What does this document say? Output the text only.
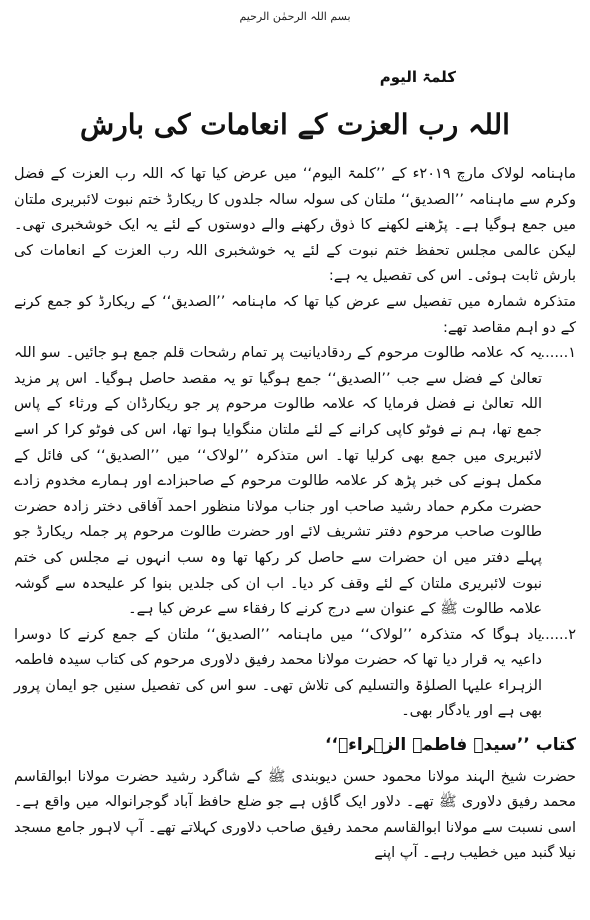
بسم اللہ الرحمٰن الرحیم
کلمۃ الیوم
اللہ رب العزت کے انعامات کی بارش

ماہنامہ لولاک مارچ ۲۰۱۹ء کے ’’کلمۃ الیوم‘‘ میں عرض کیا تھا کہ اللہ رب العزت کے فضل وکرم سے ماہنامہ ’’الصدیق‘‘ ملتان کی سولہ سالہ جلدوں کا ریکارڈ ختم نبوت لائبریری ملتان میں جمع ہوگیا ہے۔ پڑھنے لکھنے کا ذوق رکھنے والے دوستوں کے لئے یہ ایک خوشخبری تھی۔ لیکن عالمی مجلس تحفظ ختم نبوت کے لئے یہ خوشخبری اللہ رب العزت کے انعامات کی بارش ثابت ہوئی۔ اس کی تفصیل یہ ہے:

متذکرہ شمارہ میں تفصیل سے عرض کیا تھا کہ ماہنامہ ’’الصدیق‘‘ کے ریکارڈ کو جمع کرنے کے دو اہم مقاصد تھے:

۱......
یہ کہ علامہ طالوت مرحوم کے ردقادیانیت پر تمام رشحات قلم جمع ہو جائیں۔ سو اللہ تعالیٰ کے فضل سے جب ’’الصدیق‘‘ جمع ہوگیا تو یہ مقصد حاصل ہوگیا۔ اس پر مزید اللہ تعالیٰ نے فضل فرمایا کہ علامہ طالوت مرحوم پر جو ریکارڈان کے ورثاء کے پاس جمع تھا، ہم نے فوٹو کاپی کرانے کے لئے ملتان منگوایا ہوا تھا، اس کی فوٹو کرا کر اسے لائبریری میں جمع بھی کرلیا تھا۔ اس متذکرہ ’’لولاک‘‘ میں ’’الصدیق‘‘ کی فائل کے مکمل ہونے کی خبر پڑھ کر علامہ طالوت مرحوم کے صاحبزادے اور ہمارے مخدوم زادے حضرت مکرم حماد رشید صاحب اور جناب مولانا منظور احمد آفاقی دختر زادہ حضرت طالوت صاحب مرحوم دفتر تشریف لائے اور حضرت طالوت مرحوم پر جملہ ریکارڈ جو پہلے دفتر میں ان حضرات سے حاصل کر رکھا تھا وہ سب انہوں نے مجلس کی ختم نبوت لائبریری ملتان کے لئے وقف کر دیا۔ اب ان کی جلدیں بنوا کر علیحدہ سے گوشہ علامہ طالوت ﷺ کے عنوان سے درج کرنے کا رفقاء سے عرض کیا ہے۔
۲......
یاد ہوگا کہ متذکرہ ’’لولاک‘‘ میں ماہنامہ ’’الصدیق‘‘ ملتان کے جمع کرنے کا دوسرا داعیہ یہ قرار دیا تھا کہ حضرت مولانا محمد رفیق دلاوری مرحوم کی کتاب سیدہ فاطمہ الزہراء علیہا الصلوٰۃ والتسلیم کی تلاش تھی۔ سو اس کی تفصیل سنیں جو ایمان پرور بھی ہے اور یادگار بھی۔
کتاب ’’سیدہ فاطمۃ الزہراءؓ‘‘

حضرت شیخ الہند مولانا محمود حسن دیوبندی ﷺ کے شاگرد رشید حضرت مولانا ابوالقاسم محمد رفیق دلاوری ﷺ تھے۔ دلاور ایک گاؤں ہے جو ضلع حافظ آباد گوجرانوالہ میں واقع ہے۔ اسی نسبت سے مولانا ابوالقاسم محمد رفیق صاحب دلاوری کہلاتے تھے۔ آپ لاہور جامع مسجد نیلا گنبد میں خطیب رہے۔ آپ اپنے
